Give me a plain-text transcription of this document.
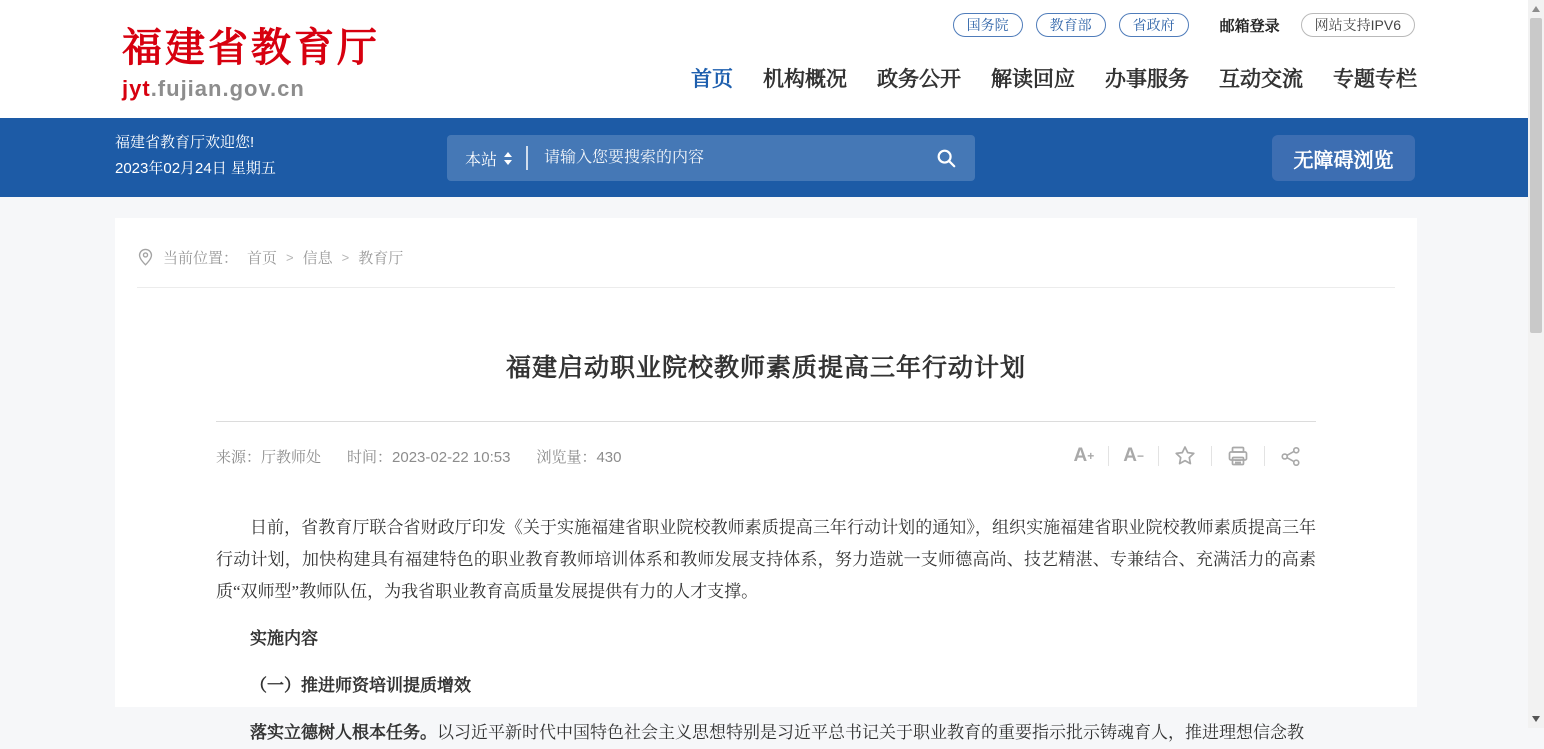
福建省教育厅
jyt.fujian.gov.cn
国务院	教育部	省政府	邮箱登录	网站支持IPV6
首页 机构概况 政务公开 解读回应 办事服务 互动交流 专题专栏
福建省教育厅欢迎您!
2023年02月24日 星期五	本站
请输入您要搜索的内容	无障碍浏览
当前位置： 首页 > 信息 > 教育厅
福建启动职业院校教师素质提高三年行动计划
来源：厅教师处 时间：2023-02-22 10:53 浏览量：430	A +	A −

日前，省教育厅联合省财政厅印发《关于实施福建省职业院校教师素质提高三年行动计划的通知》，组织实施福建省职业院校教师素质提高三年行动计划，加快构建具有福建特色的职业教育教师培训体系和教师发展支持体系，努力造就一支师德高尚、技艺精湛、专兼结合、充满活力的高素质“双师型”教师队伍，为我省职业教育高质量发展提供有力的人才支撑。

实施内容

（一）推进师资培训提质增效

落实立德树人根本任务。以习近平新时代中国特色社会主义思想特别是习近平总书记关于职业教育的重要指示批示铸魂育人，推进理想信念教
